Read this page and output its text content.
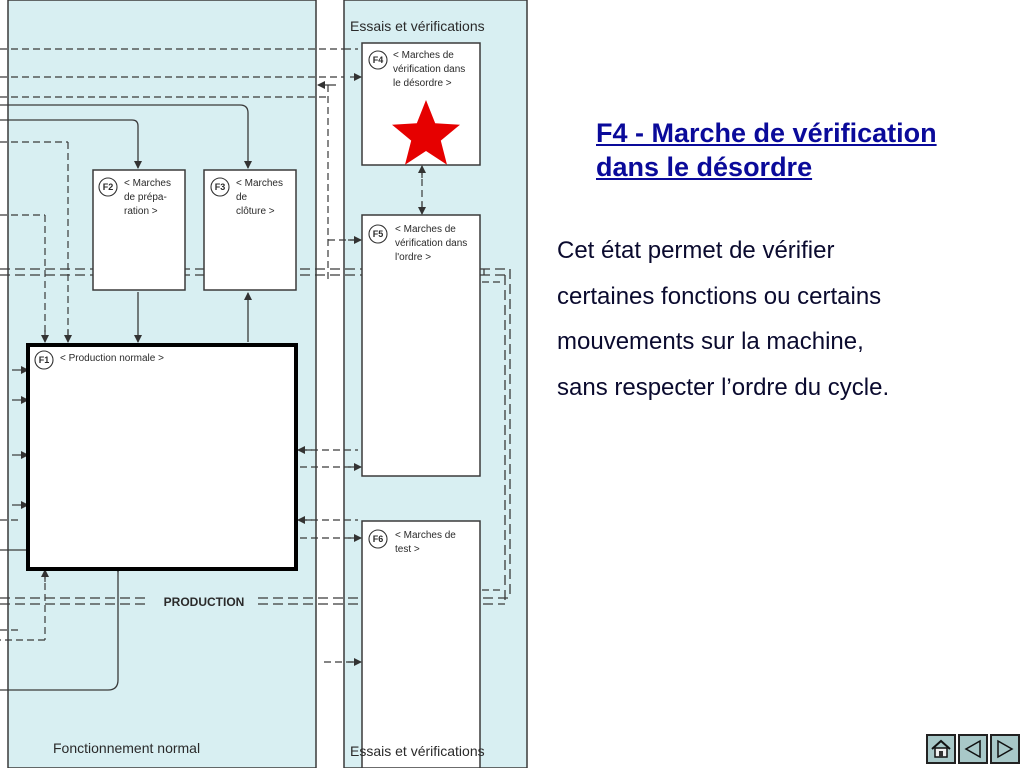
F4
F5
F6
F2	F3
F1
< Marches de
vérification dans
le désordre >
< Marches de
vérification dans
l'ordre >
< Marches de
test >
< Marches
de prépa-
ration >
< Marches
de
clôture >
< Production normale >
Essais et vérifications
Essais et vérifications
Fonctionnement normal
PRODUCTION
F4 - Marche de vérification
dans le désordre
Cet état permet de vérifier
certaines fonctions ou certains
mouvements sur la machine,
sans respecter l’ordre du cycle.
